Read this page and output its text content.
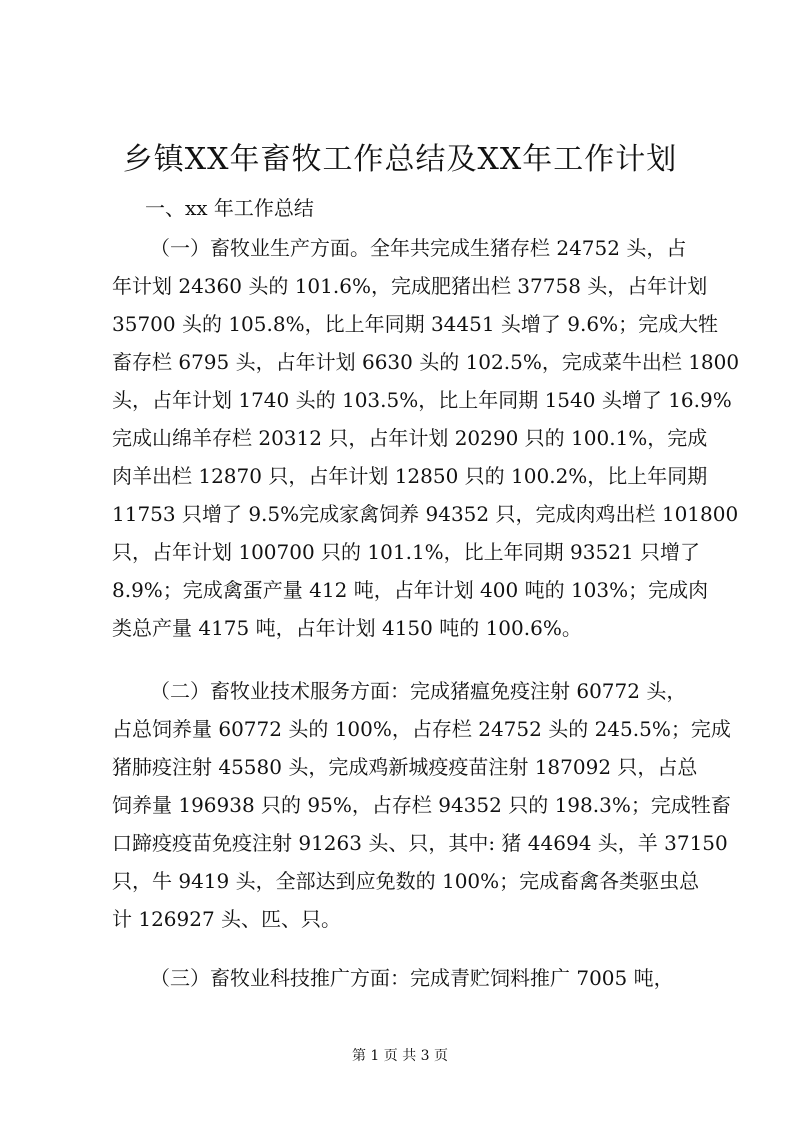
乡镇XX年畜牧工作总结及XX年工作计划
一、xx 年工作总结
（一）畜牧业生产方面。全年共完成生猪存栏 24752 头，占
年计划 24360 头的 101.6%，完成肥猪出栏 37758 头，占年计划
35700 头的 105.8%，比上年同期 34451 头增了 9.6%；完成大牲
畜存栏 6795 头，占年计划 6630 头的 102.5%，完成菜牛出栏 1800
头，占年计划 1740 头的 103.5%，比上年同期 1540 头增了 16.9%
完成山绵羊存栏 20312 只，占年计划 20290 只的 100.1%，完成
肉羊出栏 12870 只，占年计划 12850 只的 100.2%，比上年同期
11753 只增了 9.5%完成家禽饲养 94352 只，完成肉鸡出栏 101800
只，占年计划 100700 只的 101.1%，比上年同期 93521 只增了
8.9%；完成禽蛋产量 412 吨，占年计划 400 吨的 103%；完成肉
类总产量 4175 吨，占年计划 4150 吨的 100.6%。
（二）畜牧业技术服务方面：完成猪瘟免疫注射 60772 头，
占总饲养量 60772 头的 100%，占存栏 24752 头的 245.5%；完成
猪肺疫注射 45580 头，完成鸡新城疫疫苗注射 187092 只，占总
饲养量 196938 只的 95%，占存栏 94352 只的 198.3%；完成牲畜
口蹄疫疫苗免疫注射 91263 头、只，其中: 猪 44694 头，羊 37150
只，牛 9419 头，全部达到应免数的 100%；完成畜禽各类驱虫总
计 126927 头、匹、只。
（三）畜牧业科技推广方面：完成青贮饲料推广 7005 吨，
第 1 页 共 3 页
